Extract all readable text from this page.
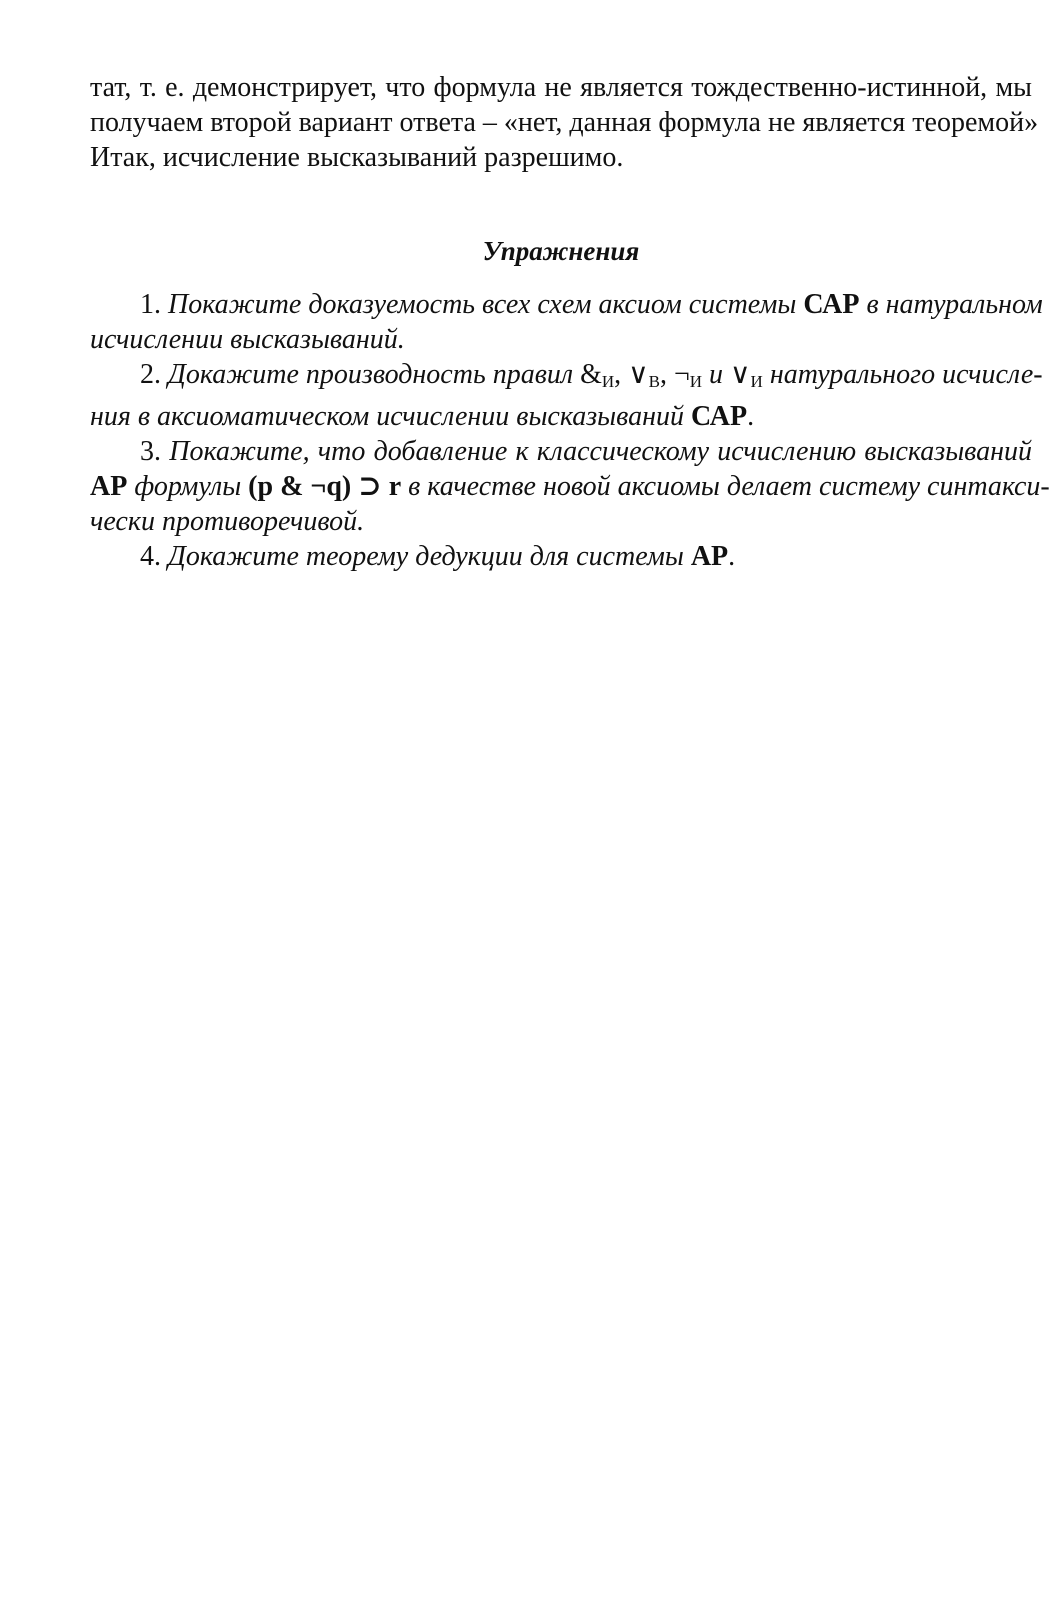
тат, т. е. демонстрирует, что формула не является тождественно-истинной, мы
получаем второй вариант ответа – «нет, данная формула не является теоремой»
Итак, исчисление высказываний разрешимо.

Упражнения
1. Покажите доказуемость всех схем аксиом системы САР в натуральном
исчислении высказываний.
2. Докажите производность правил $\&_И$, $\vee_В$, $\neg_И$ и $\vee_И$ натурального исчисле-
ния в аксиоматическом исчислении высказываний САР.
3. Покажите, что добавление к классическому исчислению высказываний
АР формулы (p & ¬q) ⊃ r в качестве новой аксиомы делает систему синтакси-
чески противоречивой.
4. Докажите теорему дедукции для системы АР.
